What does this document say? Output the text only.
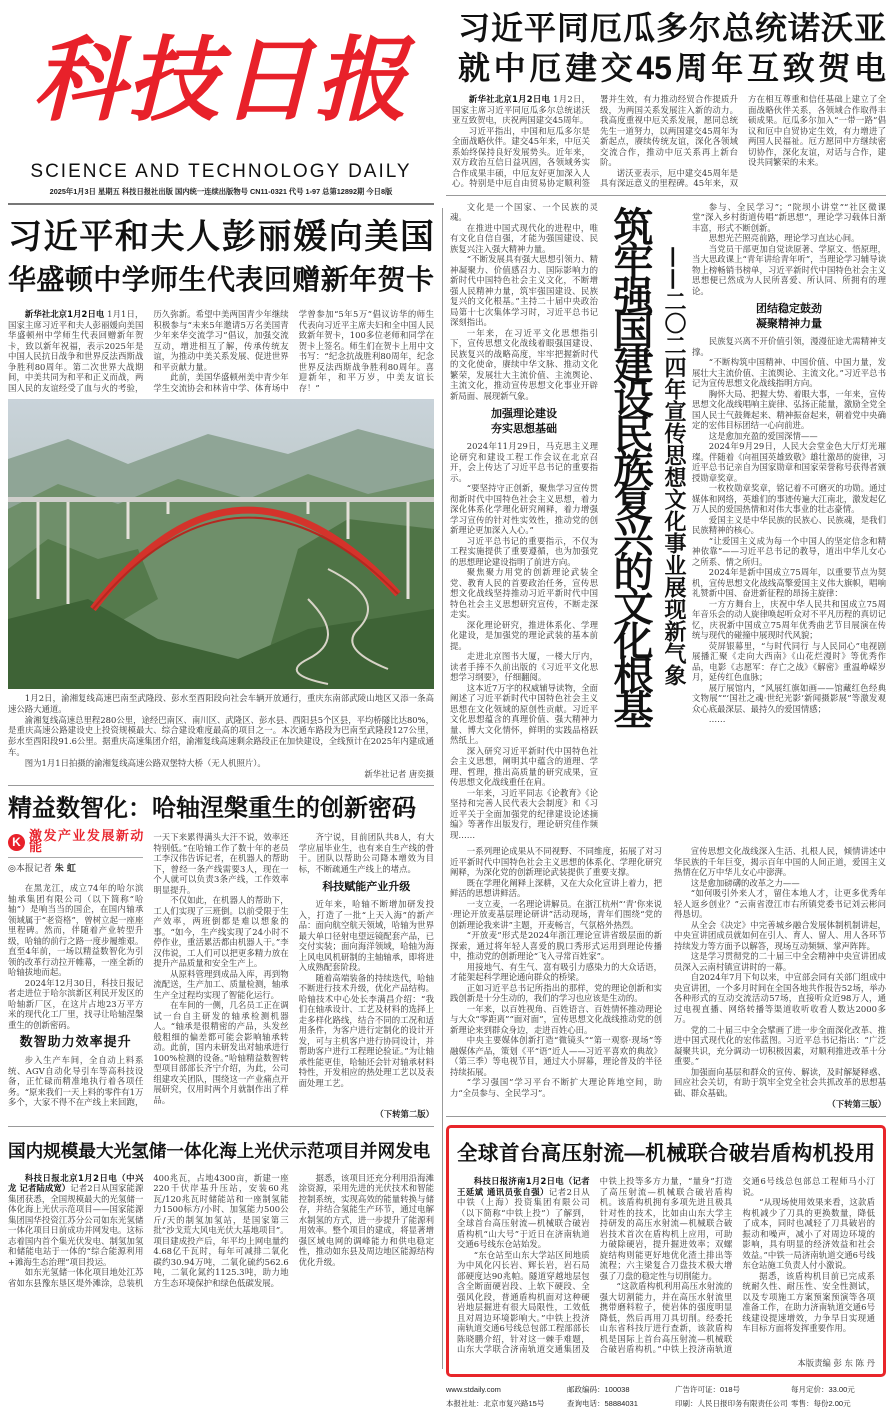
科技日报
SCIENCE AND TECHNOLOGY DAILY
2025年1月3日 星期五 科技日报社出版 国内统一连续出版物号 CN11-0321 代号 1-97 总第12892期 今日8版
习近平和夫人彭丽媛向美国
华盛顿中学师生代表回赠新年贺卡

新华社北京1月2日电 1月1日，国家主席习近平和夫人彭丽媛向美国华盛顿州中学师生代表回赠新年贺卡，致以新年祝福，表示2025年是中国人民抗日战争和世界反法西斯战争胜利80周年。第二次世界大战期间，中美共同为和平和正义而战，两国人民的友谊经受了血与火的考验，历久弥新。希望中美两国青少年继续积极参与“未来5年邀请5万名美国青少年来华交流学习”倡议，加强交流互动，增进相互了解，传承传统友谊，为推动中美关系发展、促进世界和平贡献力量。

此前，美国华盛顿州美中青少年学生交流协会和林肯中学、体育场中学曾参加“5年5万”倡议访华的师生代表向习近平主席夫妇和全中国人民致新年贺卡，100多位老师和同学在贺卡上签名。师生们在贺卡上用中文书写：“纪念抗战胜利80周年，纪念世界反法西斯战争胜利80周年。喜迎新年，和平万岁，中美友谊长存！”

1月2日，渝湘复线高速巴南至武隆段、彭水至酉阳段向社会车辆开放通行，重庆东南部武陵山地区又添一条高速公路大通道。

渝湘复线高速总里程280公里，途经巴南区、南川区、武隆区、彭水县、酉阳县5个区县，平均桥隧比达80%，是重庆高速公路建设史上投资规模最大、综合建设难度最高的项目之一。本次通车路段为巴南至武隆段127公里，彭水至酉阳段91.6公里。据重庆高速集团介绍，渝湘复线高速剩余路段正在加快建设，全线预计在2025年内建成通车。

图为1月1日拍摄的渝湘复线高速公路双堡特大桥（无人机照片）。

新华社记者 唐奕摄
精益数智化：哈轴涅槃重生的创新密码
K 激发产业发展新动能
◎本报记者 朱 虹

在黑龙江，成立74年的哈尔滨轴承集团有限公司（以下简称“哈轴”）是响当当的国企，在国内轴承领域属于“老资格”，曾树立起一座座里程碑。然而，伴随着产业转型升级，哈轴的前行之路一度步履维艰。直至4年前，一场以精益数智化为引领的改革行动拉开帷幕，一座全新的哈轴拔地而起。

2024年12月30日，科技日报记者走进位于哈尔滨新区利民开发区的哈轴新厂区，在这片占地23万平方米的现代化工厂里，找寻让哈轴涅槃重生的创新密码。

数智助力效率提升

步入生产车间，全自动上料系统、AGV自动化导引车等高科技设备，正忙碌而精准地执行着各项任务。“原来我们一天上料的零件有1万多个，大家不得不在产线上来回跑，一天下来累得满头大汗不说，效率还特别低。”在哈轴工作了数十年的老员工李汉伟告诉记者，在机器人的帮助下，曾经一条产线需要3人，现在一个人就可以负责3条产线，工作效率明显提升。

不仅如此，在机器人的帮助下，工人们实现了三班倒。以前受限于生产效率，两班倒都是难以想象的事。“如今，生产线实现了24小时不停作业，重活累活都由机器人干。”李汉伟说，工人们可以把更多精力放在提升产品质量和安全生产上。

从原料管理到成品入库，再到物流配送，生产加工、质量检测，轴承生产全过程均实现了智能化运行。

在车间的一侧，几名员工正在调试一台自主研发的轴承检测机器人。“轴承是很精密的产品，头发丝般粗细的偏差都可能会影响轴承转动。此前，国内未研发出对轴承进行100%检测的设备。”哈轴精益数智转型项目部部长齐宁介绍，为此，公司组建攻关团队，围绕这一产业痛点开展研究，仅用时两个月就制作出了样品。

齐宁说，目前团队共8人，有大学应届毕业生，也有来自生产线的骨干。团队以帮助公司降本增效为目标，不断疏通生产线上的堵点。

科技赋能产业升级

近年来，哈轴不断增加研发投入，打造了一批“上天入海”的新产品：面向航空航天领域，哈轴为世界最大单口径射电望远镜配套产品，已交付实装；面向海洋领域，哈轴为海上风电风机研制的主轴轴承，即将进入成熟配套阶段。

随着高端装备的持续迭代，哈轴不断进行技术升级，优化产品结构。哈轴技术中心处长李满昌介绍：“我们在轴承设计、工艺及材料的选择上走多样化路线，结合不同的工况和适用条件，为客户进行定制化的设计开发，可与主机客户进行协同设计，并帮助客户进行工程理论验证。”为让轴承性能更佳，哈轴还会针对轴承材料特性，开发相应的热处理工艺以及表面处理工艺。

（下转第二版）
国内规模最大光氢储一体化海上光伏示范项目并网发电

科技日报北京1月2日电（中兴龙 记者陆成宽）记者2日从国家能源集团获悉，全国规模最大的光氢储一体化海上光伏示范项目——国家能源集团国华投资江苏分公司如东光氢储一体化项目日前成功并网发电。这标志着国内首个集光伏发电、制氢加氢和储能电站于一体的“综合能源利用+滩海生态治理”项目投运。

如东光氢储一体化项目地处江苏省如东县豫东垦区堤外滩涂，总装机400兆瓦，占地4300亩，新建一座220千伏岸基升压站，安装60兆瓦/120兆瓦时储能站和一座制氢能力1500标方/小时、加氢能力500公斤/天的制氢加氢站，是国家第三批“沙戈荒大风电光伏大基地项目”。项目建成投产后，年平均上网电量约4.68亿千瓦时，每年可减排二氧化碳约30.94万吨，二氧化硫约562.6吨，二氧化氮约1125.3吨，助力地方生态环境保护和绿色低碳发展。

据悉，该项目还充分利用沿海滩涂资源，采用先进的光伏技术和智能控制系统，实现高效的能量转换与储存，并结合氢能生产环节，通过电解水制氢的方式，进一步提升了能源利用效率。整个项目的建成，将显著增强区域电网的调峰能力和供电稳定性，推动如东县及周边地区能源结构优化升级。

习近平同厄瓜多尔总统诺沃亚
就中厄建交45周年互致贺电

新华社北京1月2日电 1月2日，国家主席习近平同厄瓜多尔总统诺沃亚互致贺电，庆祝两国建交45周年。

习近平指出，中国和厄瓜多尔是全面战略伙伴。建交45年来，中厄关系始终保持良好发展势头。近年来，双方政治互信日益巩固，各领域务实合作成果丰硕，中厄友好更加深入人心。特别是中厄自由贸易协定顺利签署并生效，有力推动经贸合作提质升级，为两国关系发展注入新的动力。我高度重视中厄关系发展，愿同总统先生一道努力，以两国建交45周年为新起点，赓续传统友谊，深化各领域交流合作，推动中厄关系再上新台阶。

诺沃亚表示，厄中建交45周年是具有深远意义的里程碑。45年来，双方在相互尊重和信任基础上建立了全面战略伙伴关系，各领域合作取得丰硕成果。厄瓜多尔加入“一带一路”倡议和厄中自贸协定生效，有力增进了两国人民福祉。厄方愿同中方继续密切协作，深化友谊，对话与合作，建设共同繁荣的未来。

文化是一个国家、一个民族的灵魂。

在推进中国式现代化的进程中，唯有文化自信自强，才能为强国建设、民族复兴注入强大精神力量。

“不断发展具有强大思想引领力、精神凝聚力、价值感召力、国际影响力的新时代中国特色社会主义文化，不断增强人民精神力量，筑牢强国建设、民族复兴的文化根基。”主持二十届中央政治局第十七次集体学习时，习近平总书记深刻指出。

一年来，在习近平文化思想指引下，宣传思想文化战线着眼强国建设、民族复兴的战略高度，牢牢把握新时代的文化使命，赓续中华文脉、推动文化繁荣，发展壮大主流价值、主流舆论、主流文化，推动宣传思想文化事业开辟新局面、展现新气象。

加强理论建设
夯实思想基础

2024年11月29日，马克思主义理论研究和建设工程工作会议在北京召开，会上传达了习近平总书记的重要指示。

“要坚持守正创新，聚焦学习宣传贯彻新时代中国特色社会主义思想，着力深化体系化学理化研究阐释，着力增强学习宣传的针对性实效性，推动党的创新理论更加深入人心。”

习近平总书记的重要指示，不仅为工程实施提供了重要遵循，也为加强党的思想理论建设指明了前进方向。

聚焦聚力用党的创新理论武装全党、教育人民的首要政治任务，宣传思想文化战线坚持推动习近平新时代中国特色社会主义思想研究宣传，不断走深走实。

深化理论研究，推进体系化、学理化建设，是加强党的理论武装的基本前提。

走进北京图书大厦，一楼大厅内，读者手捧不久前出版的《习近平文化思想学习纲要》，仔细翻阅。

这本近7万字的权威辅导读物，全面阐述了习近平新时代中国特色社会主义思想在文化领域的原创性贡献。习近平文化思想蕴含的真理价值、强大精神力量、博大文化情怀，鲜明的实践品格跃然纸上。

深入研究习近平新时代中国特色社会主义思想，阐明其中蕴含的道理、学理、哲理，推出高质量的研究成果，宣传思想文化战线重任在肩。

一年来，习近平同志《论教育》《论坚持和完善人民代表大会制度》和《习近平关于全面加强党的纪律建设论述摘编》等著作出版发行，理论研究佳作频现……

筑牢强国建设民族复兴的文化根基 ——二〇二四年宣传思想文化事业展现新气象

参与、全民学习”；“院坝小讲堂”“社区微课堂”深入乡村街道传唱“新思想”，理论学习载体日渐丰富，形式不断创新。

思想光芒照亮前路，理论学习直达心间。

当党员干部更加自觉读原著、学原文、悟原理，当大思政课上“青年讲给青年听”，当理论学习辅导读物上榜畅销书榜单，习近平新时代中国特色社会主义思想便已然成为人民所喜爱、所认同、所拥有的理论。

团结稳定鼓劲
凝聚精神力量

民族复兴离不开价值引领，漫漫征途尤需精神支撑。

“不断构筑中国精神、中国价值、中国力量，发展壮大主流价值、主流舆论、主流文化。”习近平总书记为宣传思想文化战线指明方向。

胸怀大局、把握大势、着眼大事，一年来，宣传思想文化战线唱响主旋律、弘扬正能量，激励全党全国人民士气鼓舞起来、精神振奋起来，朝着党中央确定的宏伟目标团结一心向前进。

这是愈加充盈的爱国深情——

2024年9月29日，人民大会堂金色大厅灯光璀璨。伴随着《向祖国英雄致敬》雄壮激昂的旋律，习近平总书记亲自为国家勋章和国家荣誉称号获得者颁授勋章奖章。

一枚枚勋章奖章，铭记着不可磨灭的功勋。通过媒体和网络，英雄们的事迹传遍大江南北，激发起亿万人民的爱国热情和对伟大事业的壮志豪情。

爱国主义是中华民族的民族心、民族魂，是我们民族精神的核心。

“让爱国主义成为每一个中国人的坚定信念和精神依靠”——习近平总书记的教导，道出中华儿女心之所系、情之所归。

2024年是新中国成立75周年，以重要节点为契机，宣传思想文化战线高擎爱国主义伟大旗帜，唱响礼赞新中国、奋进新征程的昂扬主旋律：

一方方舞台上，庆祝中华人民共和国成立75周年音乐会的动人旋律唤起听众对不平凡历程的真切记忆，庆祝新中国成立75周年优秀曲艺节目展演在传统与现代的碰撞中展现时代风貌；

荧屏银幕里，“与时代同行 与人民同心”电视剧展播汇聚《走向大西南》《山花烂漫时》等优秀作品，电影《志愿军：存亡之战》《解密》重温峥嵘岁月，延传红色血脉；

展厅展馆内，“风展红旗如画——馆藏红色经典文物展”“‘国社之魂·世纪光影’新闻摄影展”等激发观众心底最深层、最持久的爱国情感；

……

一系列理论成果从不同视野、不同维度，拓展了对习近平新时代中国特色社会主义思想的体系化、学理化研究阐释，为深化党的创新理论武装提供了重要支撑。

既在学理化阐释上深耕，又在大众化宣讲上着力，把鲜活的思想讲鲜活。

一支立麦，一名理论讲解员。在浙江杭州“‘青’你来说·理论开放麦基层理论研讲”活动现场，青年们围绕“党的创新理论我来讲”主题，开麦畅言，气氛格外热烈。

“开放麦”形式是2024年浙江理论宣讲省级层面的新探索，通过将年轻人喜爱的脱口秀形式运用到理论传播中，推动党的创新理论“飞入寻常百姓家”。

用接地气、有生气、富有吸引力感染力的大众话语，才能架起科学理论通向群众的桥梁。

正如习近平总书记所指出的那样，党的理论创新和实践创新是十分生动的，我们的学习也应该是生动的。

一年来，以百姓视角、百姓语言、百姓情怀推动理论与大众“零距离”“面对面”，宣传思想文化战线推动党的创新理论来到群众身边，走进百姓心田。

中央主要媒体创新打造“微镜头”“第一观察·现场”等融媒体产品，策划《平“语”近人——习近平喜欢的典故》（第三季）等电视节目，通过大小屏幕，理论普及的半径持续拓展。

“学习强国”学习平台不断扩大理论阵地空间，助力“全员参与、全民学习”。

宣传思想文化战线深入生活、扎根人民，倾情讲述中华民族的千年巨变，揭示百年中国的人间正道，爱国主义热情在亿万中华儿女心中澎湃。

这是愈加磅礴的改革之力——

“如何吸引外来人才，留住本地人才，让更多优秀年轻人返乡创业？”云南省澄江市右所镇党委书记刘云彬问得恳切。

从全会《决定》中完善城乡融合发展体制机制讲起，中央宣讲团成员就如何在引人、育人、留人、用人各环节持续发力等方面予以解答，现场互动频频、掌声阵阵。

这是学习贯彻党的二十届三中全会精神中央宣讲团成员深入云南村镇宣讲时的一幕。

自2024年7月下旬以来，中宣部会同有关部门组成中央宣讲团，一个多月时间在全国各地共作报告52场，举办各种形式的互动交流活动57场，直接听众近98万人，通过电视直播、网络转播等渠道收听收看人数达2000多万。

党的二十届三中全会擘画了进一步全面深化改革、推进中国式现代化的宏伟蓝图。习近平总书记指出：“广泛凝聚共识，充分调动一切积极因素，对顺利推进改革十分重要。”

加强面向基层和群众的宣传、解读，及时解疑释惑、回应社会关切，有助于筑牢全党全社会共抓改革的思想基础、群众基础。

（下转第三版）
全球首台高压射流—机械联合破岩盾构机投用

科技日报济南1月2日电（记者王延斌 通讯员张自强）记者2日从中铁（上海）投资集团有限公司（以下简称“中铁上投”）了解到，全球首台高压射流—机械联合破岩盾构机“山大号”于近日在济南轨道交通6号线东仓站始发。

“东仓站至山东大学站区间地质为中风化闪长岩、辉长岩，岩石局部硬度达90兆帕。隧道穿越地层包含全断面硬岩段、上软下硬段、全强风化段，普通盾构机面对这种硬岩地层掘进有很大局限性，工效低且对周边环境影响大。”中铁上投济南轨道交通6号线总包部工程部部长陈晓鹏介绍，针对这一棘手难题，山东大学联合济南轨道交通集团及中铁上投等多方力量，“量身”打造了高压射流—机械联合破岩盾构机。该盾构机拥有多项先进且极具针对性的技术，比如由山东大学主持研发的高压水射流—机械联合破岩技术首次在盾构机上应用，可助力破除硬岩，提升掘进效率；双螺旋结构则能更好地优化渣土排出等流程；六主梁复合刀盘技术极大增强了刀盘的稳定性与切削能力。

“这款盾构机利用高压水射流的强大切割能力，并在高压水射流里携带磨料粒子，使岩体的强度明显降低，然后再用刀具切削。经委托山东省科技厅进行查新，该款盾构机是国际上首台高压射流—机械联合破岩盾构机。”中铁上投济南轨道交通6号线总包部总工程师马小汀说。

“从现场使用效果来看，这款盾构机减少了刀具的更换数量，降低了成本，同时也减轻了刀具破岩的振动和噪声，减小了对周边环境的影响，具有明显的经济效益和社会效益。”中铁一局济南轨道交通6号线东仓站施工负责人付小激说。

据悉，该盾构机目前已完成系统耐久性、耐压性、安全性测试，以及专项施工方案预案预演等各项准备工作，在助力济南轨道交通6号线建设提速增效，力争早日实现通车目标方面将发挥重要作用。

本版责编 彭 东 陈 丹
www.stdaily.com	邮政编码：100038	广告许可证：018号	每月定价：33.00元
本报社址：北京市复兴路15号	查询电话：58884031	印刷：人民日报印务有限责任公司 零售：每份2.00元
